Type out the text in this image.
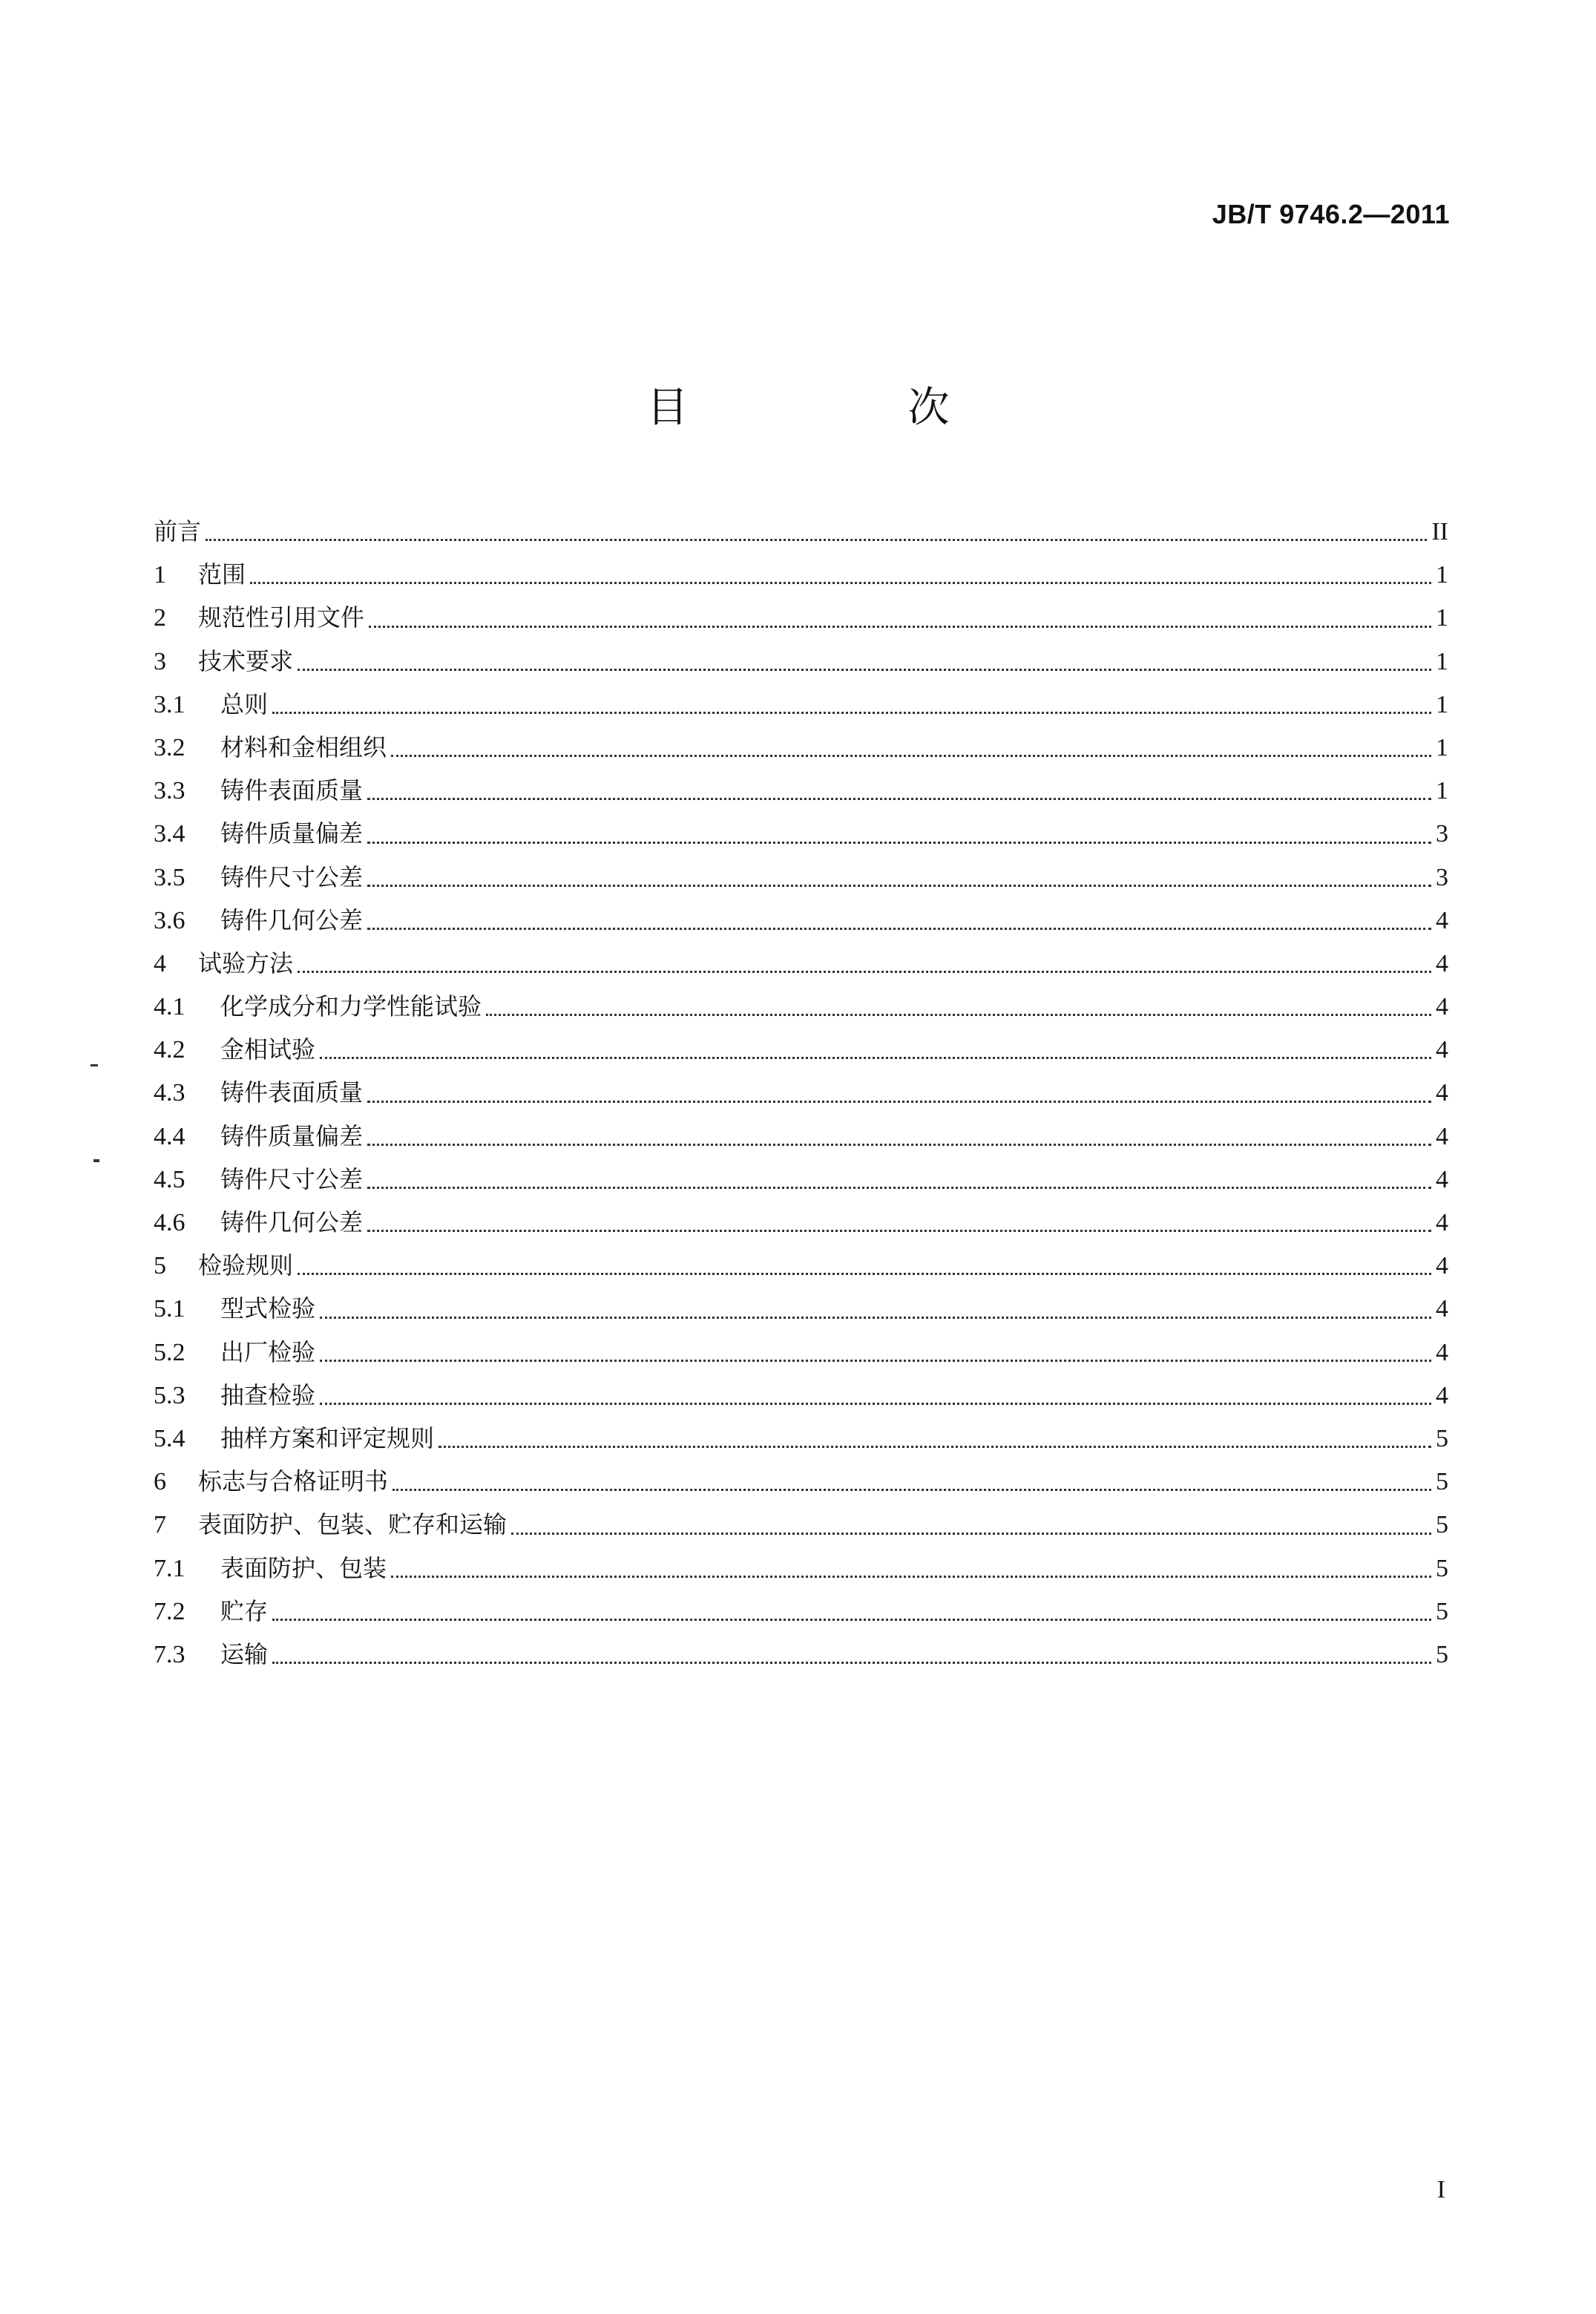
JB/T 9746.2—2011
目　次
前言	II
1	范围	1
2	规范性引用文件	1
3	技术要求	1
3.1	总则	1
3.2	材料和金相组织	1
3.3	铸件表面质量	1
3.4	铸件质量偏差	3
3.5	铸件尺寸公差	3
3.6	铸件几何公差	4
4	试验方法	4
4.1	化学成分和力学性能试验	4
4.2	金相试验	4
4.3	铸件表面质量	4
4.4	铸件质量偏差	4
4.5	铸件尺寸公差	4
4.6	铸件几何公差	4
5	检验规则	4
5.1	型式检验	4
5.2	出厂检验	4
5.3	抽查检验	4
5.4	抽样方案和评定规则	5
6	标志与合格证明书	5
7	表面防护、包装、贮存和运输	5
7.1	表面防护、包装	5
7.2	贮存	5
7.3	运输	5
I
